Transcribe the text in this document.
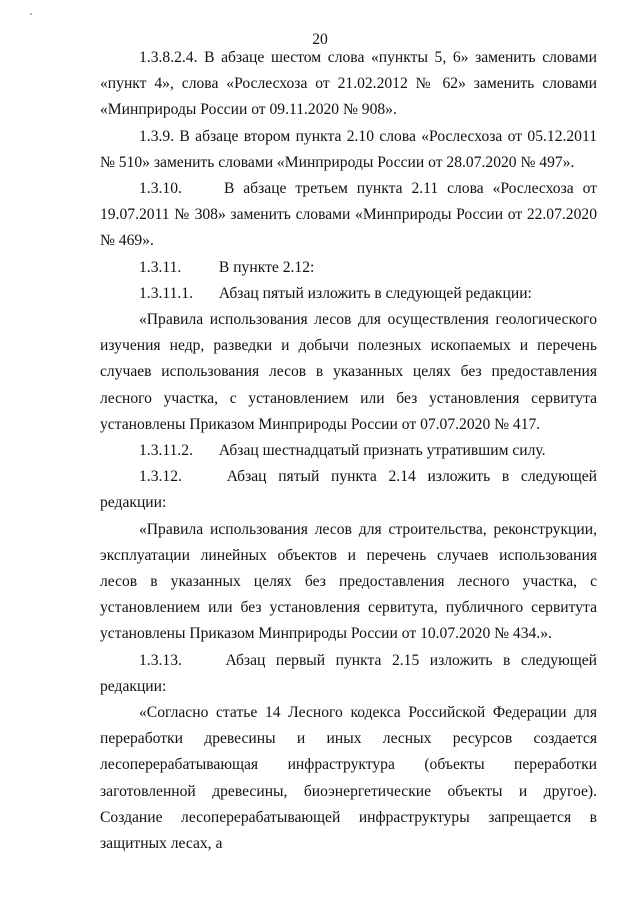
20

1.3.8.2.4. В абзаце шестом слова «пункты 5, 6» заменить словами «пункт 4», слова «Рослесхоза от 21.02.2012 № 62» заменить словами «Минприроды России от 09.11.2020 № 908».

1.3.9. В абзаце втором пункта 2.10 слова «Рослесхоза от 05.12.2011 № 510» заменить словами «Минприроды России от 28.07.2020 № 497».

1.3.10.	В абзаце третьем пункта 2.11 слова «Рослесхоза от 19.07.2011 № 308» заменить словами «Минприроды России от 22.07.2020 № 469».

1.3.11. В пункте 2.12:

1.3.11.1. Абзац пятый изложить в следующей редакции:

«Правила использования лесов для осуществления геологического изучения недр, разведки и добычи полезных ископаемых и перечень случаев использования лесов в указанных целях без предоставления лесного участка, с установлением или без установления сервитута установлены Приказом Минприроды России от 07.07.2020 № 417.

1.3.11.2. Абзац шестнадцатый признать утратившим силу.

1.3.12.	Абзац пятый пункта 2.14 изложить в следующей редакции:

«Правила использования лесов для строительства, реконструкции, эксплуатации линейных объектов и перечень случаев использования лесов в указанных целях без предоставления лесного участка, с установлением или без установления сервитута, публичного сервитута установлены Приказом Минприроды России от 10.07.2020 № 434.».

1.3.13.	Абзац первый пункта 2.15 изложить в следующей редакции:

«Согласно статье 14 Лесного кодекса Российской Федерации для переработки древесины и иных лесных ресурсов создается лесоперерабатывающая инфраструктура (объекты переработки заготовленной древесины, биоэнергетические объекты и другое). Создание лесоперерабатывающей инфраструктуры запрещается в защитных лесах, а
